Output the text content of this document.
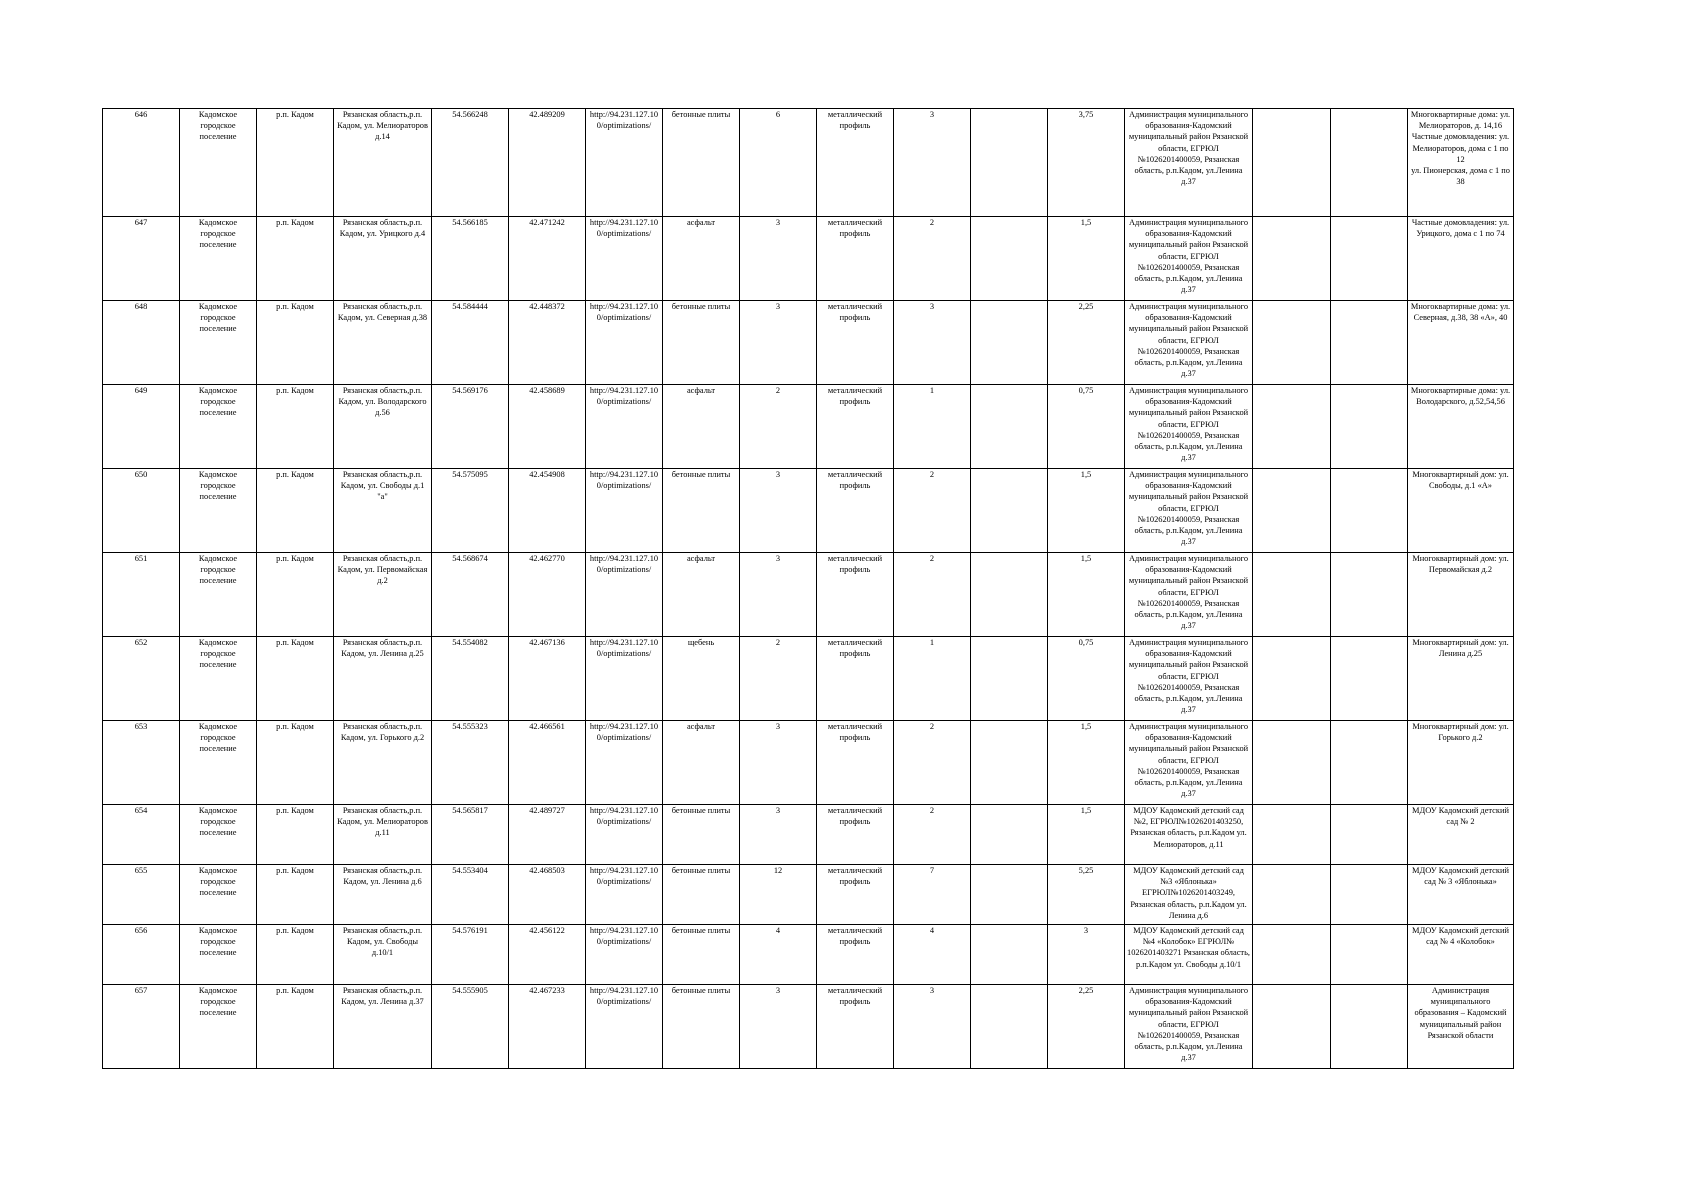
646	Кадомское городское поселение	р.п. Кадом	Рязанская область,р.п. Кадом, ул. Мелиораторов д.14	54.566248	42.489209	http://94.231.127.100/optimizations/	бетонные плиты	6	металлический профиль	3		3,75	Администрация муниципального образования-Кадомский муниципальный район Рязанской области, ЕГРЮЛ №1026201400059, Рязанская область, р.п.Кадом, ул.Ленина д.37			Многоквартирные дома: ул. Мелиораторов, д. 14,16
Частные домовладения: ул. Мелиораторов, дома с 1 по 12
ул. Пионерская, дома с 1 по 38
647	Кадомское городское поселение	р.п. Кадом	Рязанская область,р.п. Кадом, ул. Урицкого д.4	54.566185	42.471242	http://94.231.127.100/optimizations/	асфальт	3	металлический профиль	2		1,5	Администрация муниципального образования-Кадомский муниципальный район Рязанской области, ЕГРЮЛ №1026201400059, Рязанская область, р.п.Кадом, ул.Ленина д.37			Частные домовладения: ул. Урицкого, дома с 1 по 74
648	Кадомское городское поселение	р.п. Кадом	Рязанская область,р.п. Кадом, ул. Северная д.38	54.584444	42.448372	http://94.231.127.100/optimizations/	бетонные плиты	3	металлический профиль	3		2,25	Администрация муниципального образования-Кадомский муниципальный район Рязанской области, ЕГРЮЛ №1026201400059, Рязанская область, р.п.Кадом, ул.Ленина д.37			Многоквартирные дома: ул. Северная, д.38, 38 «А», 40
649	Кадомское городское поселение	р.п. Кадом	Рязанская область,р.п. Кадом, ул. Володарского д.56	54.569176	42.458689	http://94.231.127.100/optimizations/	асфальт	2	металлический профиль	1		0,75	Администрация муниципального образования-Кадомский муниципальный район Рязанской области, ЕГРЮЛ №1026201400059, Рязанская область, р.п.Кадом, ул.Ленина д.37			Многоквартирные дома: ул. Володарского, д.52,54,56
650	Кадомское городское поселение	р.п. Кадом	Рязанская область,р.п. Кадом, ул. Свободы д.1 "а"	54.575095	42.454908	http://94.231.127.100/optimizations/	бетонные плиты	3	металлический профиль	2		1,5	Администрация муниципального образования-Кадомский муниципальный район Рязанской области, ЕГРЮЛ №1026201400059, Рязанская область, р.п.Кадом, ул.Ленина д.37			Многоквартирный дом: ул. Свободы, д.1 «А»
651	Кадомское городское поселение	р.п. Кадом	Рязанская область,р.п. Кадом, ул. Первомайская д.2	54.568674	42.462770	http://94.231.127.100/optimizations/	асфальт	3	металлический профиль	2		1,5	Администрация муниципального образования-Кадомский муниципальный район Рязанской области, ЕГРЮЛ №1026201400059, Рязанская область, р.п.Кадом, ул.Ленина д.37			Многоквартирный дом: ул. Первомайская д.2
652	Кадомское городское поселение	р.п. Кадом	Рязанская область,р.п. Кадом, ул. Ленина д.25	54.554082	42.467136	http://94.231.127.100/optimizations/	щебень	2	металлический профиль	1		0,75	Администрация муниципального образования-Кадомский муниципальный район Рязанской области, ЕГРЮЛ №1026201400059, Рязанская область, р.п.Кадом, ул.Ленина д.37			Многоквартирный дом: ул. Ленина д.25
653	Кадомское городское поселение	р.п. Кадом	Рязанская область,р.п. Кадом, ул. Горького д.2	54.555323	42.466561	http://94.231.127.100/optimizations/	асфальт	3	металлический профиль	2		1,5	Администрация муниципального образования-Кадомский муниципальный район Рязанской области, ЕГРЮЛ №1026201400059, Рязанская область, р.п.Кадом, ул.Ленина д.37			Многоквартирный дом: ул. Горького д.2
654	Кадомское городское поселение	р.п. Кадом	Рязанская область,р.п. Кадом, ул. Мелиораторов д.11	54.565817	42.489727	http://94.231.127.100/optimizations/	бетонные плиты	3	металлический профиль	2		1,5	МДОУ Кадомский детский сад №2, ЕГРЮЛ№1026201403250, Рязанская область, р.п.Кадом ул. Мелиораторов, д.11			МДОУ Кадомский детский сад № 2
655	Кадомское городское поселение	р.п. Кадом	Рязанская область,р.п. Кадом, ул. Ленина д.6	54.553404	42.468503	http://94.231.127.100/optimizations/	бетонные плиты	12	металлический профиль	7		5,25	МДОУ Кадомский детский сад №3 «Яблонька» ЕГРЮЛ№1026201403249, Рязанская область, р.п.Кадом ул. Ленина д.6			МДОУ Кадомский детский сад № 3 «Яблонька»
656	Кадомское городское поселение	р.п. Кадом	Рязанская область,р.п. Кадом, ул. Свободы д.10/1	54.576191	42.456122	http://94.231.127.100/optimizations/	бетонные плиты	4	металлический профиль	4		3	МДОУ Кадомский детский сад №4 «Колобок» ЕГРЮЛ№ 1026201403271 Рязанская область, р.п.Кадом ул. Свободы д.10/1			МДОУ Кадомский детский сад № 4 «Колобок»
657	Кадомское городское поселение	р.п. Кадом	Рязанская область,р.п. Кадом, ул. Ленина д.37	54.555905	42.467233	http://94.231.127.100/optimizations/	бетонные плиты	3	металлический профиль	3		2,25	Администрация муниципального образования-Кадомский муниципальный район Рязанской области, ЕГРЮЛ №1026201400059, Рязанская область, р.п.Кадом, ул.Ленина д.37			Администрация муниципального образования – Кадомский муниципальный район Рязанской области
